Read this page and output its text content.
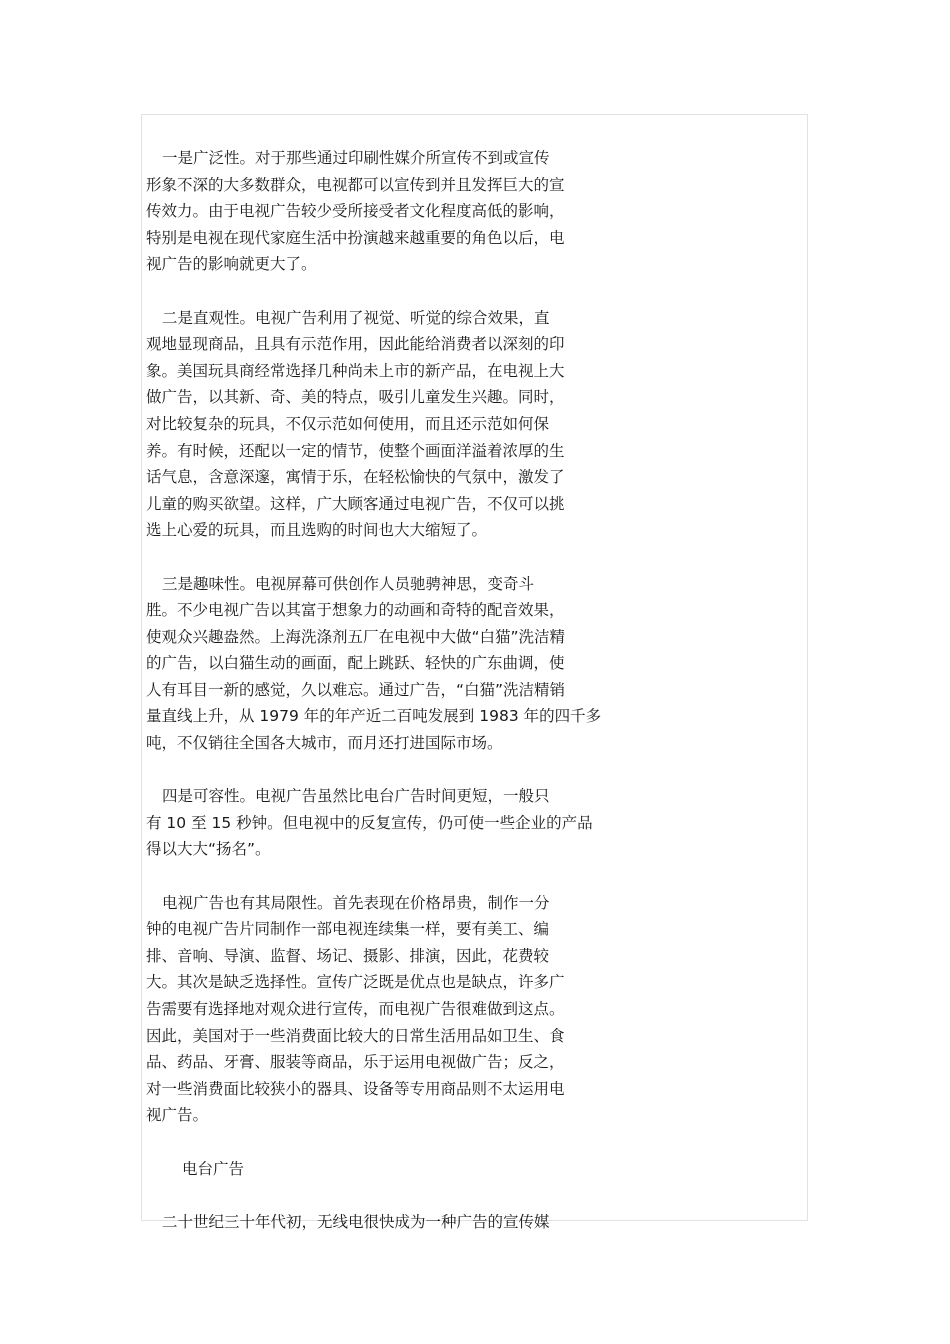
一是广泛性。对于那些通过印刷性媒介所宣传不到或宣传
形象不深的大多数群众，电视都可以宣传到并且发挥巨大的宣
传效力。由于电视广告较少受所接受者文化程度高低的影响，
特别是电视在现代家庭生活中扮演越来越重要的角色以后，电
视广告的影响就更大了。
二是直观性。电视广告利用了视觉、听觉的综合效果，直
观地显现商品，且具有示范作用，因此能给消费者以深刻的印
象。美国玩具商经常选择几种尚未上市的新产品，在电视上大
做广告，以其新、奇、美的特点，吸引儿童发生兴趣。同时，
对比较复杂的玩具，不仅示范如何使用，而且还示范如何保
养。有时候，还配以一定的情节，使整个画面洋溢着浓厚的生
话气息，含意深邃，寓情于乐，在轻松愉快的气氛中，激发了
儿童的购买欲望。这样，广大顾客通过电视广告，不仅可以挑
选上心爱的玩具，而且选购的时间也大大缩短了。
三是趣味性。电视屏幕可供创作人员驰骋神思，变奇斗
胜。不少电视广告以其富于想象力的动画和奇特的配音效果，
使观众兴趣盎然。上海洗涤剂五厂在电视中大做“白猫”洗洁精
的广告，以白猫生动的画面，配上跳跃、轻快的广东曲调，使
人有耳目一新的感觉，久以难忘。通过广告，“白猫”洗洁精销
量直线上升，从 1979 年的年产近二百吨发展到 1983 年的四千多
吨，不仅销往全国各大城市，而月还打进国际市场。
四是可容性。电视广告虽然比电台广告时间更短，一般只
有 10 至 15 秒钟。但电视中的反复宣传，仍可使一些企业的产品
得以大大“扬名”。
电视广告也有其局限性。首先表现在价格昂贵，制作一分
钟的电视广告片同制作一部电视连续集一样，要有美工、编
排、音响、导演、监督、场记、摄影、排演，因此，花费较
大。其次是缺乏选择性。宣传广泛既是优点也是缺点，许多广
告需要有选择地对观众进行宣传，而电视广告很难做到这点。
因此，美国对于一些消费面比较大的日常生活用品如卫生、食
品、药品、牙膏、服装等商品，乐于运用电视做广告；反之，
对一些消费面比较狭小的器具、设备等专用商品则不太运用电
视广告。
电台广告
二十世纪三十年代初，无线电很快成为一种广告的宣传媒
